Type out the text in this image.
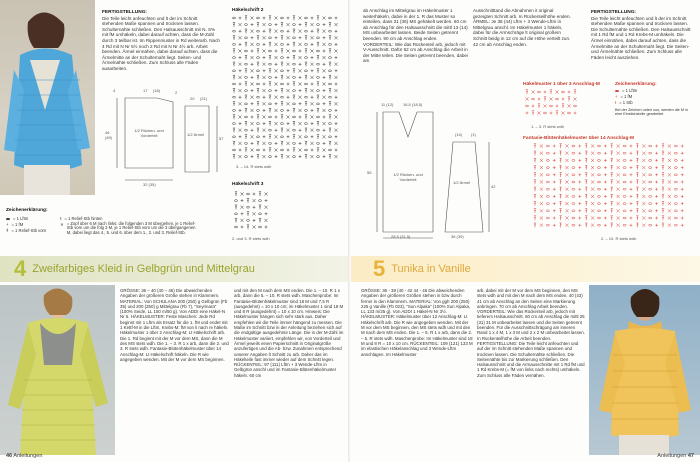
FERTIGSTELLUNG:
Die Teile leicht anfeuchten und lt der im Schnitt stehenden Maße spannen und trocknen lassen. Schulternähte schließen. Den Halsausschnitt mit N. S% mit fM umhäkeln, dabei darauf achten, dass die M-Zahl durch 3 teilbar ist. Im Rippenmuster in Rd weiterarb. Nach 4 Rd mit N Nr 5½ noch 2 Rd mit N Nr 4½ arb. Arbeit beenden. Ärmel einnähen, dabei darauf achten, dass die Ärmelmitte an der Schulternaht liegt. Seiten- und Ärmelnähte schließen. Zum Schluss alle Fäden ausarbeiten.
17 (18)
20 (21)
1/2 Rücken- und Vorderteil	1/2 Ärmel
46 (49)
32 (35)
57
4	2
Häkelschrift 2
3. – 14. R stets wdh
Häkelschrift 3
2. und 3. R stets wdh
Zeichenerklärung:
= 1 Lftm
+ = 1 fM
ǂ = 1 Relief-Stb vorn
ŧ = 1 Relief-Stb hinten
✕ = Zopf über 6 M nach links: die folgenden 3 M übergehen, je 1 Relief-Stb vorn um die folg 3 M, je 1 Relief-Stb vorn um die 3 übergangenen M, dabei liegt das 4., 5. und 6. über dem 1., 2. und 3. Relief-Stb.
4 Zweifarbiges Kleid in Gelbgrün und Mittelgrau
GRÖSSE: 36 – 40 (40 – 46) Die abweichenden Angaben der größeren Größe stehen in Klammern. MATERIAL: Von SCHULANA 200 (250) g Gelbgrün (Fb 35) und 200 (250) g Mittelgrau (Fb 7), "Seyrinara" (100% Seide, LL 150 m/50 g). Von ADDI eine Häkel-N Nr 6. HÄKELMUSTER: Feste Maschen: Jede Rd beginnt mit 1 Lftm als Ersatz für die 1. fM und endet mit 1 Kettf-M in die Lftm. Krebs-M: fM von li nach re häkeln. Häkelmuster 1 über 2 Anschlag-M: Lt Häkelschrift arb. Die 1. Rd beginnt mit der M vor dem MS, dann die M des MS stets wdh. Die 1. – 3. R 1 x arb, dann die 2. und 3. R stets wdh. Fantasie-Blütenhäkelmuster über 14 Anschlag-M: Lt Häkelschrift häkeln. Die R wie angegeben wenden. Mit der M vor dem MS beginnen.
und mit den M nach dem MS enden. Die 1. – 10. R 1 x arb, dann die 5. – 10. R stets wdh. Maschenprobe: Im Fantasie-Blütenhäkelmuster sind 18 M und 7,5 R (ausgedehnt) = 10 x 10 cm; im Häkelmuster 1 sind 18 M und 8 R (ausgedehnt) = 10 x 10 cm. Hinweis: Die Häkelmuster hängen sich sehr stark aus. Daher empfehlen wir die Teile immer hängend zu messen. Die Maße im Schnitt bzw in der Anleitung beziehen sich auf die endgültige ausgedehnte Länge. Die in der M-Zahl im Häkelmuster variiert, empfehlen wir, von Vorderteil und Ärmel jeweils einen Papierschnitt in Originalgröße anzufertigen und die Ab- bzw. Zunahmen entsprechend unserer Angaben lt Schnitt zu arb. Daher das im Häkelteile fast immer wieder auf dem Schnitt legen. RÜCKENTEIL: 97 (111) Lftm + 3 Wende-Lftm in Gelbgrün anschl und im Fantasie-Blütenhäkelmuster häkeln. 60 cm
46 Anleitungen
ab Anschlag im Mittelgrau im Häkelmuster 1 weiterhäkeln, dabei in der 1. R das Muster so einteilen, dass 31 (36) MS gehäkelt werden. 60 cm ab Anschlag für den Halsausschnitt die mittl 13 (14) MS unbearbeitet lassen. Beide Seiten getrennt beenden. 90 cm ab Anschlag enden. VORDERTEIL: Wie das Rückenteil arb, jedoch mit V-Ausschnitt. Dafür 62 cm ab Anschlag die Arbeit in der Mitte teilen. Die Seiten getrennt beenden, dabei am
Ausschnitttand die Abnahmen it original gezeigten Schnitt arb. In Rückenteilhöhe enden. ÄRMEL: Je 38 (44) Lftm + 3 Wende-Lftm in Mittelgrau anschl. Im Häkelmuster 1 häkeln, dabei für die Armschräge lt original großem Schnitt beidg in 12 cm auf die Höhe verteilt zun. 42 cm ab Anschlag enden.
11 (12) 16,5 (18,5)
(14) (1)
1/2 Rücken- und Vorderteil
1/2 Ärmel
28,5 (31,5)	36 (39)
55
42
Häkelmuster 1 über 3 Anschlag-M
1. – 3. R stets wdh
Zeichenerklärung:
= 1 Lftm
+ = 1 fM
ŧ = 1 Stb
Bei der Zeichen unten cus, werden die M in eine Einstichstelle gearbeitet
Fantasie-Blütenhäkelmuster über 14 Anschlag-M
2. – 10. R stets wdh
FERTIGSTELLUNG:
Die Teile leicht anfeuchten und lt der im Schnitt stehenden Maße spannen und trocknen lassen. Die Schulternähte schließen. Den Halsausschnitt mit 1 Rd fM und 1 Rd Krebs-M umhäkeln. Die Ärmel einnähen, dabei darauf achten, dass die Ärmelmitte an der Schulternaht liegt. Die Seiten- und Ärmelnähte schließen. Zum Schluss alle Fäden leicht ausziehen.
5 Tunika in Vanille
GRÖSSE: 36 - 38 (40 - 42 44 - 46 Die abweichenden Angaben der größeren Größen stehen in bzw durch ferner in den Klammern. MATERIAL: Von ggh 200 (250) 225 g Vanille (Fb 023), "Sun Alpaka" (100% Sun Alpaka, LL 133 m/25 g). Von ADDI 1 Häkel-N Nr 3½. HÄKELMUSTER: Häkelmuster über 12 Anschlag-M: Lt Häkelschrift arb. Die R wie angegeben wenden. Mit der M vor dem MS beginnen, den MS stets wdh und mit den M nach dem MS enden. Die 1. – 5. R 1 x arb, dann die 2. – 5. R stets wdh. Maschenprobe: Im Häkelmuster sind 18 M und 8 R = 10 x 10 cm. RÜCKENTEIL: 109 (121) 133 M im elastischen Häkelanschlag und 3 Wende-Lftm anschlagen. Im Häkelmuster
arb, dabei mit der M vor dem MS beginnen, den MS stets wdh und mit den M nach dem MS enden. 40 (43) 41 cm ab Anschlag an den Seiten eine Markierung anbringen. 70 cm ab Anschlag Arbeit beenden. VORDERTEIL: Wie das Rückenteil arb, jedoch mit tieferem Halsausschnitt. 60 cm ab Anschlag die mittl 25 (31) 31 M unbearbeitet lassen und die Seiten getrennt beenden. Für die Ausschnittschrägung am inneren Rand 1 x 4 M, 1 x 3 M und 2 x 2 M unbearbeitet lassen. In Rückenteilhöhe die Arbeit beenden. FERTIGSTELLUNG: Die Teile leicht anfeuchten und auf der im Schnitt stehenden Maße spannen und trocknen lassen. Die Schulternähte schließen. Die Seitennähte bis zur Markierung schließen. Den Halsausschnitt und die Armausschnitte mit 1 Rd fM und 1 Rd Krebs-M (= fM von links nach rechts) umhäkeln. Zum Schluss alle Fäden vernähen.
Anleitungen 47
